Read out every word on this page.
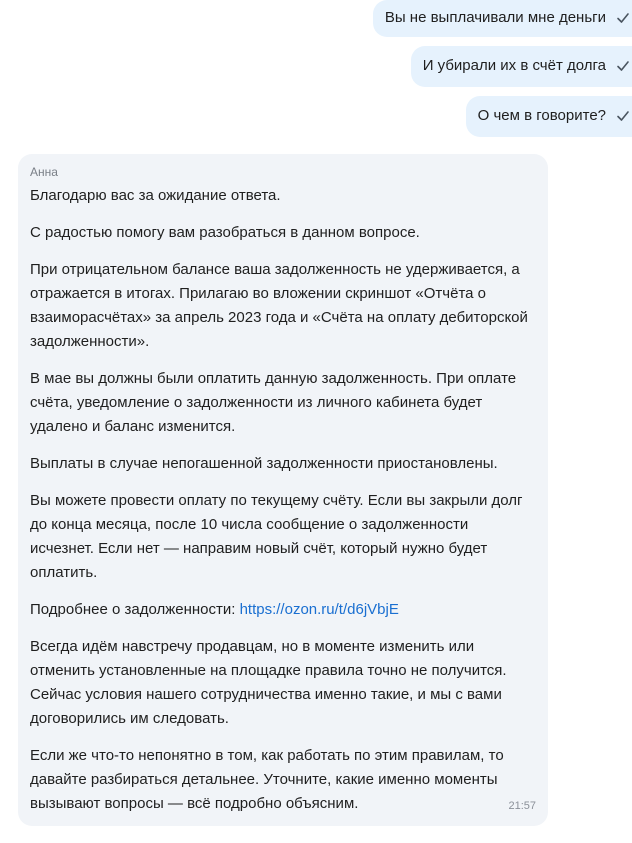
Вы не выплачивали мне деньги
И убирали их в счёт долга
О чем в говорите?
Анна

Благодарю вас за ожидание ответа.

С радостью помогу вам разобраться в данном вопросе.

При отрицательном балансе ваша задолженность не удерживается, а отражается в итогах. Прилагаю во вложении скриншот «Отчёта о взаиморасчётах» за апрель 2023 года и «Счёта на оплату дебиторской задолженности».

В мае вы должны были оплатить данную задолженность. При оплате счёта, уведомление о задолженности из личного кабинета будет удалено и баланс изменится.

Выплаты в случае непогашенной задолженности приостановлены.

Вы можете провести оплату по текущему счёту. Если вы закрыли долг до конца месяца, после 10 числа сообщение о задолженности исчезнет. Если нет — направим новый счёт, который нужно будет оплатить.

Подробнее о задолженности: https://ozon.ru/t/d6jVbjE

Всегда идём навстречу продавцам, но в моменте изменить или отменить установленные на площадке правила точно не получится. Сейчас условия нашего сотрудничества именно такие, и мы с вами договорились им следовать.

Если же что-то непонятно в том, как работать по этим правилам, то давайте разбираться детальнее. Уточните, какие именно моменты вызывают вопросы — всё подробно объясним.	21:57
